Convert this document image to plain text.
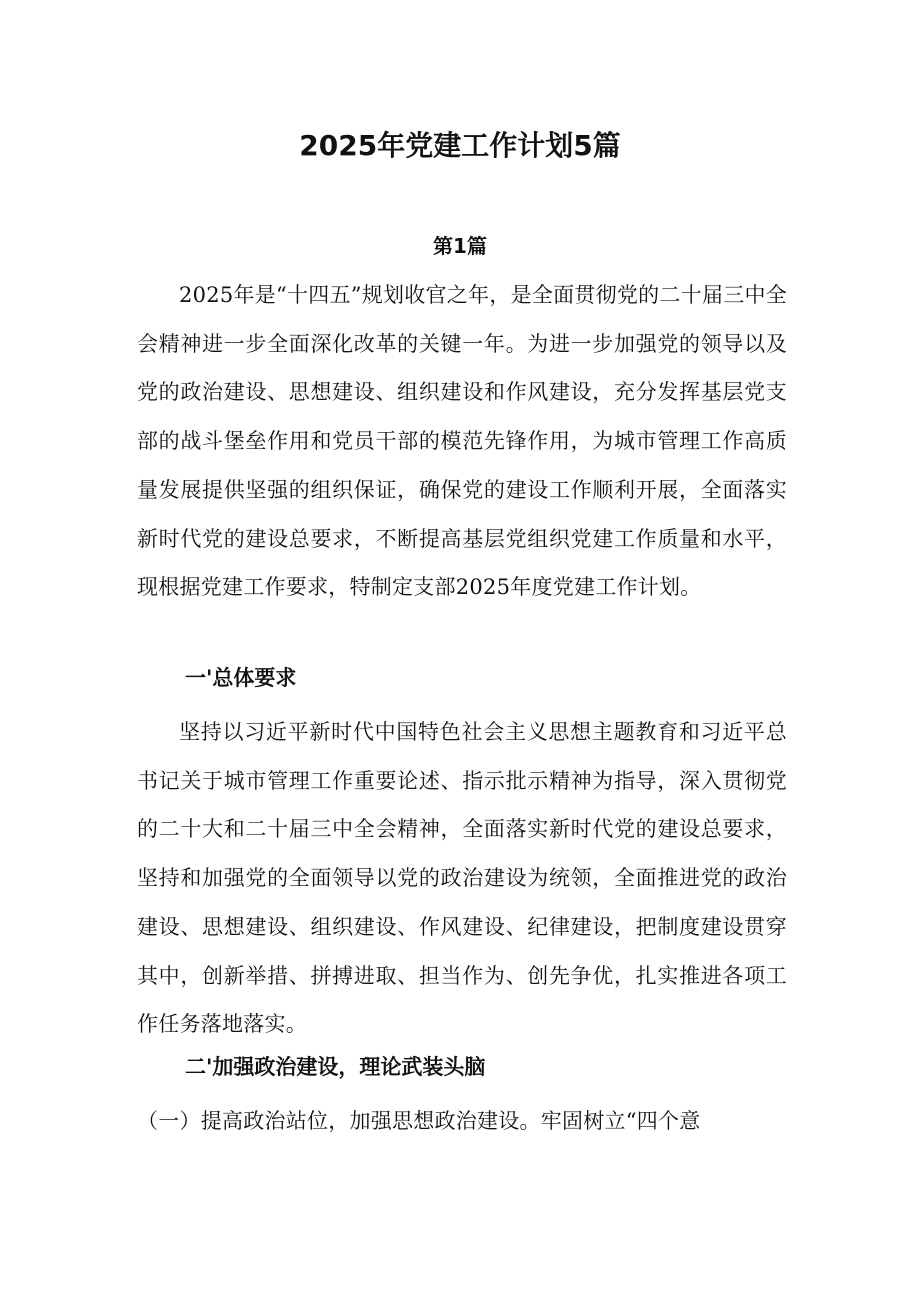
2025年党建工作计划5篇
第1篇

2025年是“十四五”规划收官之年，是全面贯彻党的二十届三中全会精神进一步全面深化改革的关键一年。为进一步加强党的领导以及党的政治建设、思想建设、组织建设和作风建设，充分发挥基层党支部的战斗堡垒作用和党员干部的模范先锋作用，为城市管理工作高质量发展提供坚强的组织保证，确保党的建设工作顺利开展，全面落实新时代党的建设总要求，不断提高基层党组织党建工作质量和水平，现根据党建工作要求，特制定支部2025年度党建工作计划。

一'总体要求

坚持以习近平新时代中国特色社会主义思想主题教育和习近平总书记关于城市管理工作重要论述、指示批示精神为指导，深入贯彻党的二十大和二十届三中全会精神，全面落实新时代党的建设总要求，坚持和加强党的全面领导以党的政治建设为统领，全面推进党的政治建设、思想建设、组织建设、作风建设、纪律建设，把制度建设贯穿其中，创新举措、拼搏进取、担当作为、创先争优，扎实推进各项工作任务落地落实。

二'加强政治建设，理论武装头脑

（一）提高政治站位，加强思想政治建设。牢固树立“四个意
